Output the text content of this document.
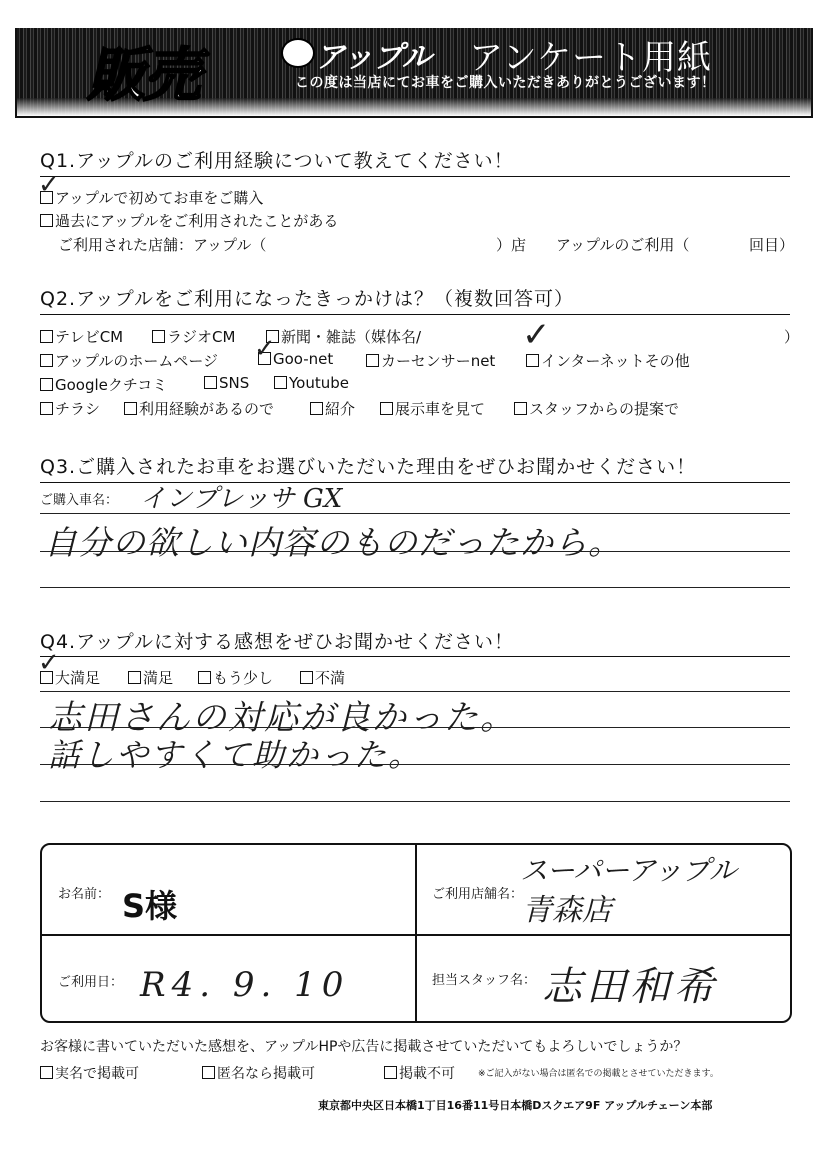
販売	アップル アンケート用紙
この度は当店にてお車をご購入いただきありがとうございます！
Q1.アップルのご利用経験について教えてください！
アップルで初めてお車をご購入
✓
過去にアップルをご利用されたことがある
ご利用された店舗：アップル（	）店 アップルのご利用（	回目）
Q2.アップルをご利用になったきっかけは？（複数回答可）
テレビCM	ラジオCM	新聞・雑誌（媒体名/	）
アップルのホームページ	Goo-net
✓	カーセンサーnet	インターネットその他
✓
Googleクチコミ	SNS	Youtube
チラシ	利用経験があるので	紹介	展示車を見て	スタッフからの提案で
Q3.ご購入されたお車をお選びいただいた理由をぜひお聞かせください！
ご購入車名： インプレッサ GX
自分の欲しい内容のものだったから。
Q4.アップルに対する感想をぜひお聞かせください！
大満足
✓	満足	もう少し	不満
志田さんの対応が良かった。
話しやすくて助かった。
お名前： S様	ご利用店舗名：
スーパーアップル
青森店
ご利用日： R4. 9. 10	担当スタッフ名： 志田和希
お客様に書いていただいた感想を、アップルHPや広告に掲載させていただいてもよろしいでしょうか？
実名で掲載可	匿名なら掲載可	掲載不可	※ご記入がない場合は匿名での掲載とさせていただきます。
東京都中央区日本橋1丁目16番11号日本橋Dスクエア9F アップルチェーン本部
